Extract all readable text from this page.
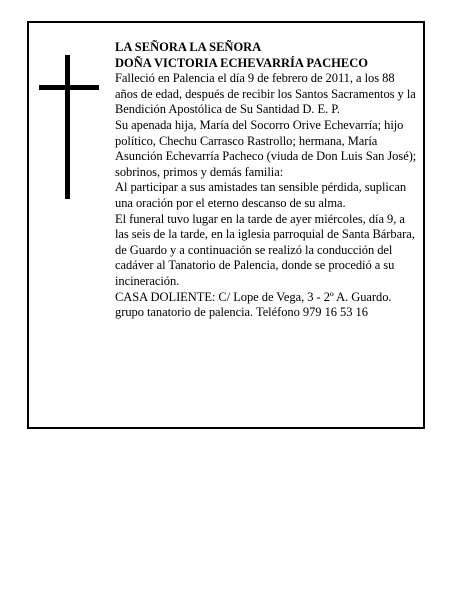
LA SEÑORA LA SEÑORA

DOÑA VICTORIA ECHEVARRÍA PACHECO

Falleció en Palencia el día 9 de febrero de 2011, a los 88 años de edad, después de recibir los Santos Sacramentos y la Bendición Apostólica de Su Santidad D. E. P.

Su apenada hija, María del Socorro Orive Echevarría; hijo político, Chechu Carrasco Rastrollo; hermana, María Asunción Echevarría Pacheco (viuda de Don Luis San José); sobrinos, primos y demás familia:

Al participar a sus amistades tan sensible pérdida, suplican una oración por el eterno descanso de su alma.

El funeral tuvo lugar en la tarde de ayer miércoles, día 9, a las seis de la tarde, en la iglesia parroquial de Santa Bárbara, de Guardo y a continuación se realizó la conducción del cadáver al Tanatorio de Palencia, donde se procedió a su incineración.

CASA DOLIENTE: C/ Lope de Vega, 3 - 2º A. Guardo.

grupo tanatorio de palencia. Teléfono 979 16 53 16
